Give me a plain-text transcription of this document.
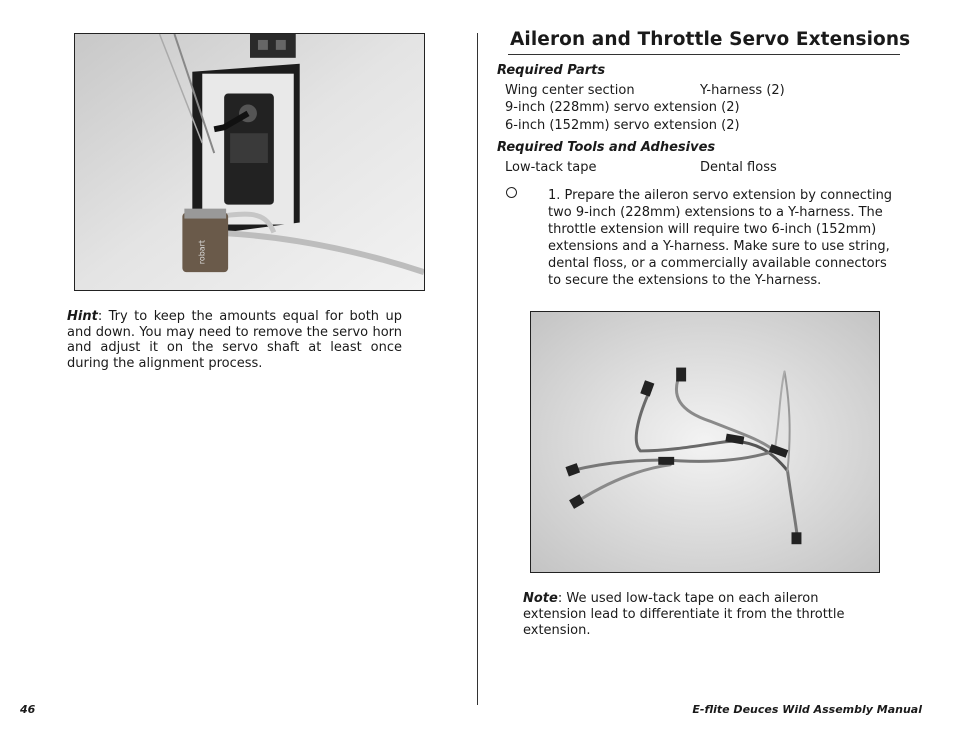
robart
Hint: Try to keep the amounts equal for both up and down. You may need to remove the servo horn and adjust it on the servo shaft at least once during the alignment process.
Aileron and Throttle Servo Extensions
Required Parts
Wing center section	Y-harness (2)
9-inch (228mm) servo extension (2)
6-inch (152mm) servo extension (2)
Required Tools and Adhesives
Low-tack tape	Dental floss
1. Prepare the aileron servo extension by connecting two 9-inch (228mm) extensions to a Y-harness. The throttle extension will require two 6-inch (152mm) extensions and a Y-harness. Make sure to use string, dental floss, or a commercially available connectors to secure the extensions to the Y-harness.
Note: We used low-tack tape on each aileron extension lead to differentiate it from the throttle extension.
46	E-flite Deuces Wild Assembly Manual
